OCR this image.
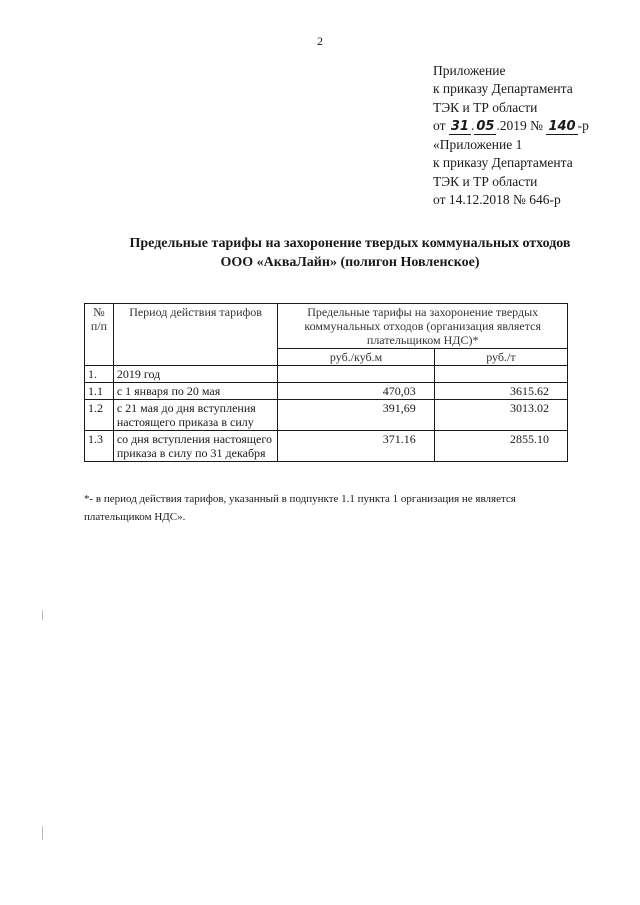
2
Приложение
к приказу Департамента
ТЭК и ТР области
от 31 . 05 .2019 № 140 -р
«Приложение 1
к приказу Департамента
ТЭК и ТР области
от 14.12.2018 № 646-р
Предельные тарифы на захоронение твердых коммунальных отходов
ООО «АкваЛайн» (полигон Новленское)
№ п/п	Период действия тарифов	Предельные тарифы на захоронение твердых коммунальных отходов (организация является плательщиком НДС)*	
		руб./куб.м	руб./т
1.	2019 год		
1.1	с 1 января по 20 мая	470,03	3615.62
1.2	с 21 мая до дня вступления настоящего приказа в силу	391,69	3013.02
1.3	со дня вступления настоящего приказа в силу по 31 декабря	371.16	2855.10
*- в период действия тарифов, указанный в подпункте 1.1 пункта 1 организация не является плательщиком НДС».
